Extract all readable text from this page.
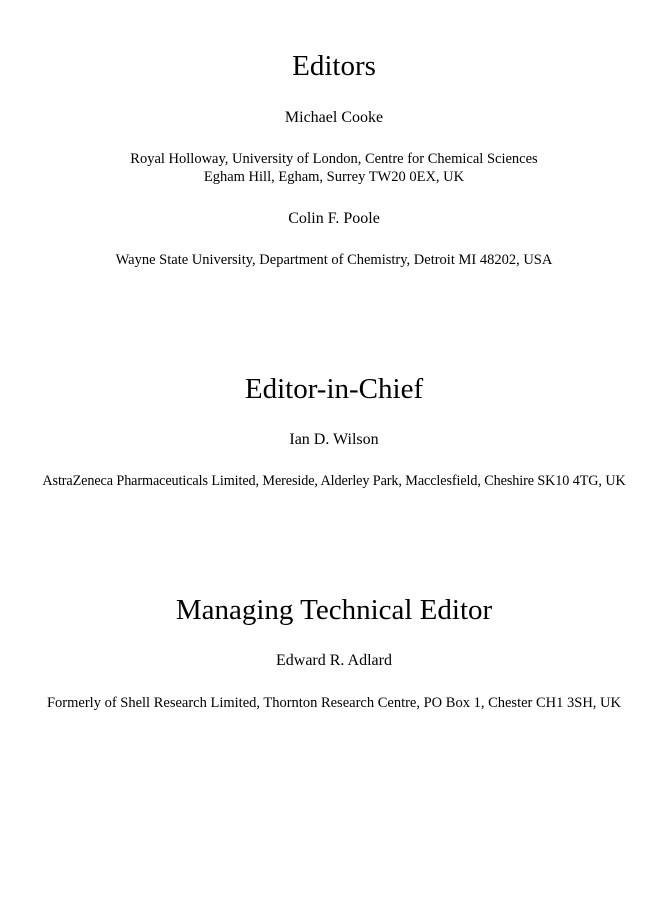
Editors
Michael Cooke
Royal Holloway, University of London, Centre for Chemical Sciences
Egham Hill, Egham, Surrey TW20 0EX, UK
Colin F. Poole
Wayne State University, Department of Chemistry, Detroit MI 48202, USA
Editor-in-Chief
Ian D. Wilson
AstraZeneca Pharmaceuticals Limited, Mereside, Alderley Park, Macclesfield, Cheshire SK10 4TG, UK
Managing Technical Editor
Edward R. Adlard
Formerly of Shell Research Limited, Thornton Research Centre, PO Box 1, Chester CH1 3SH, UK
